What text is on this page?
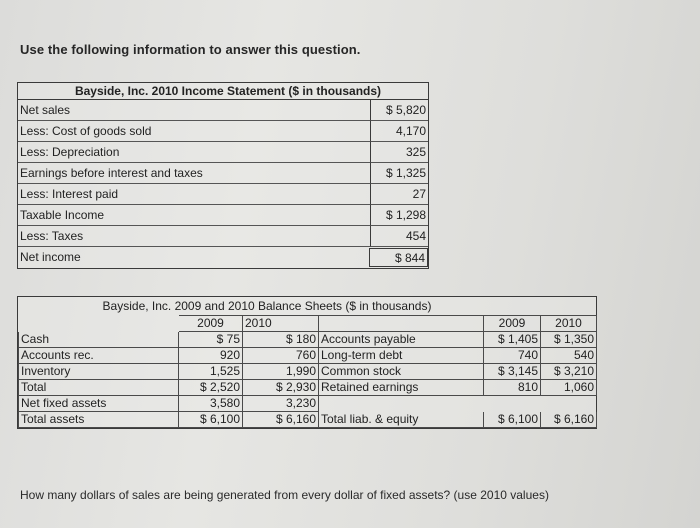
Use the following information to answer this question.
Bayside, Inc. 2010 Income Statement ($ in thousands)
Net sales	$ 5,820
Less: Cost of goods sold	4,170
Less: Depreciation	325
Earnings before interest and taxes	$ 1,325
Less: Interest paid	27
Taxable Income	$ 1,298
Less: Taxes	454
Net income	$ 844
Bayside, Inc. 2009 and 2010 Balance Sheets ($ in thousands)
	2009	2010		2009	2010
Cash	$ 75	$ 180	Accounts payable	$ 1,405	$ 1,350
Accounts rec.	920	760	Long-term debt	740	540
Inventory	1,525	1,990	Common stock	$ 3,145	$ 3,210
Total	$ 2,520	$ 2,930	Retained earnings	810	1,060
Net fixed assets	3,580	3,230			
Total assets	$ 6,100	$ 6,160	Total liab. & equity	$ 6,100	$ 6,160
How many dollars of sales are being generated from every dollar of fixed assets? (use 2010 values)
